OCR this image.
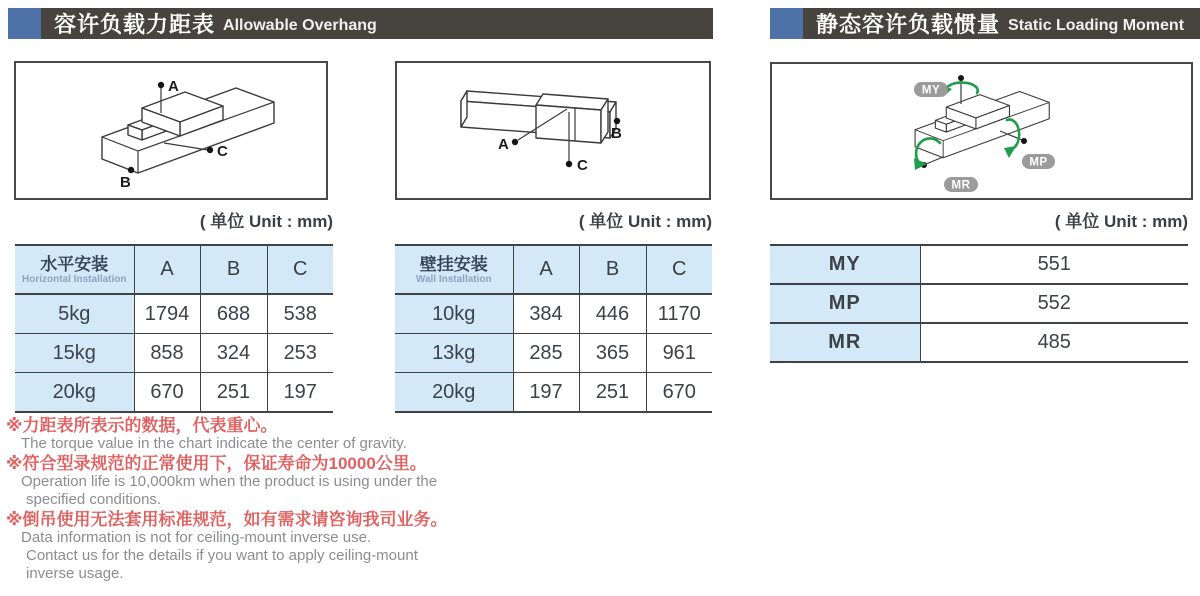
容许负载力距表 Allowable Overhang	静态容许负载惯量 Static Loading Moment
A
C
B
A
C
B
MY
MP
MR
( 单位 Unit : mm)	( 单位 Unit : mm)	( 单位 Unit : mm)
水平安装
Horizontal Installation	A	B	C
5kg	1794	688	538
15kg	858	324	253
20kg	670	251	197
壁挂安装
Wall Installation	A	B	C
10kg	384	446	1170
13kg	285	365	961
20kg	197	251	670
MY	551
MP	552
MR	485
※力距表所表示的数据，代表重心。
The torque value in the chart indicate the center of gravity.
※符合型录规范的正常使用下，保证寿命为10000公里。
Operation life is 10,000km when the product is using under the
specified conditions.
※倒吊使用无法套用标准规范，如有需求请咨询我司业务。
Data information is not for ceiling-mount inverse use.
Contact us for the details if you want to apply ceiling-mount
inverse usage.
